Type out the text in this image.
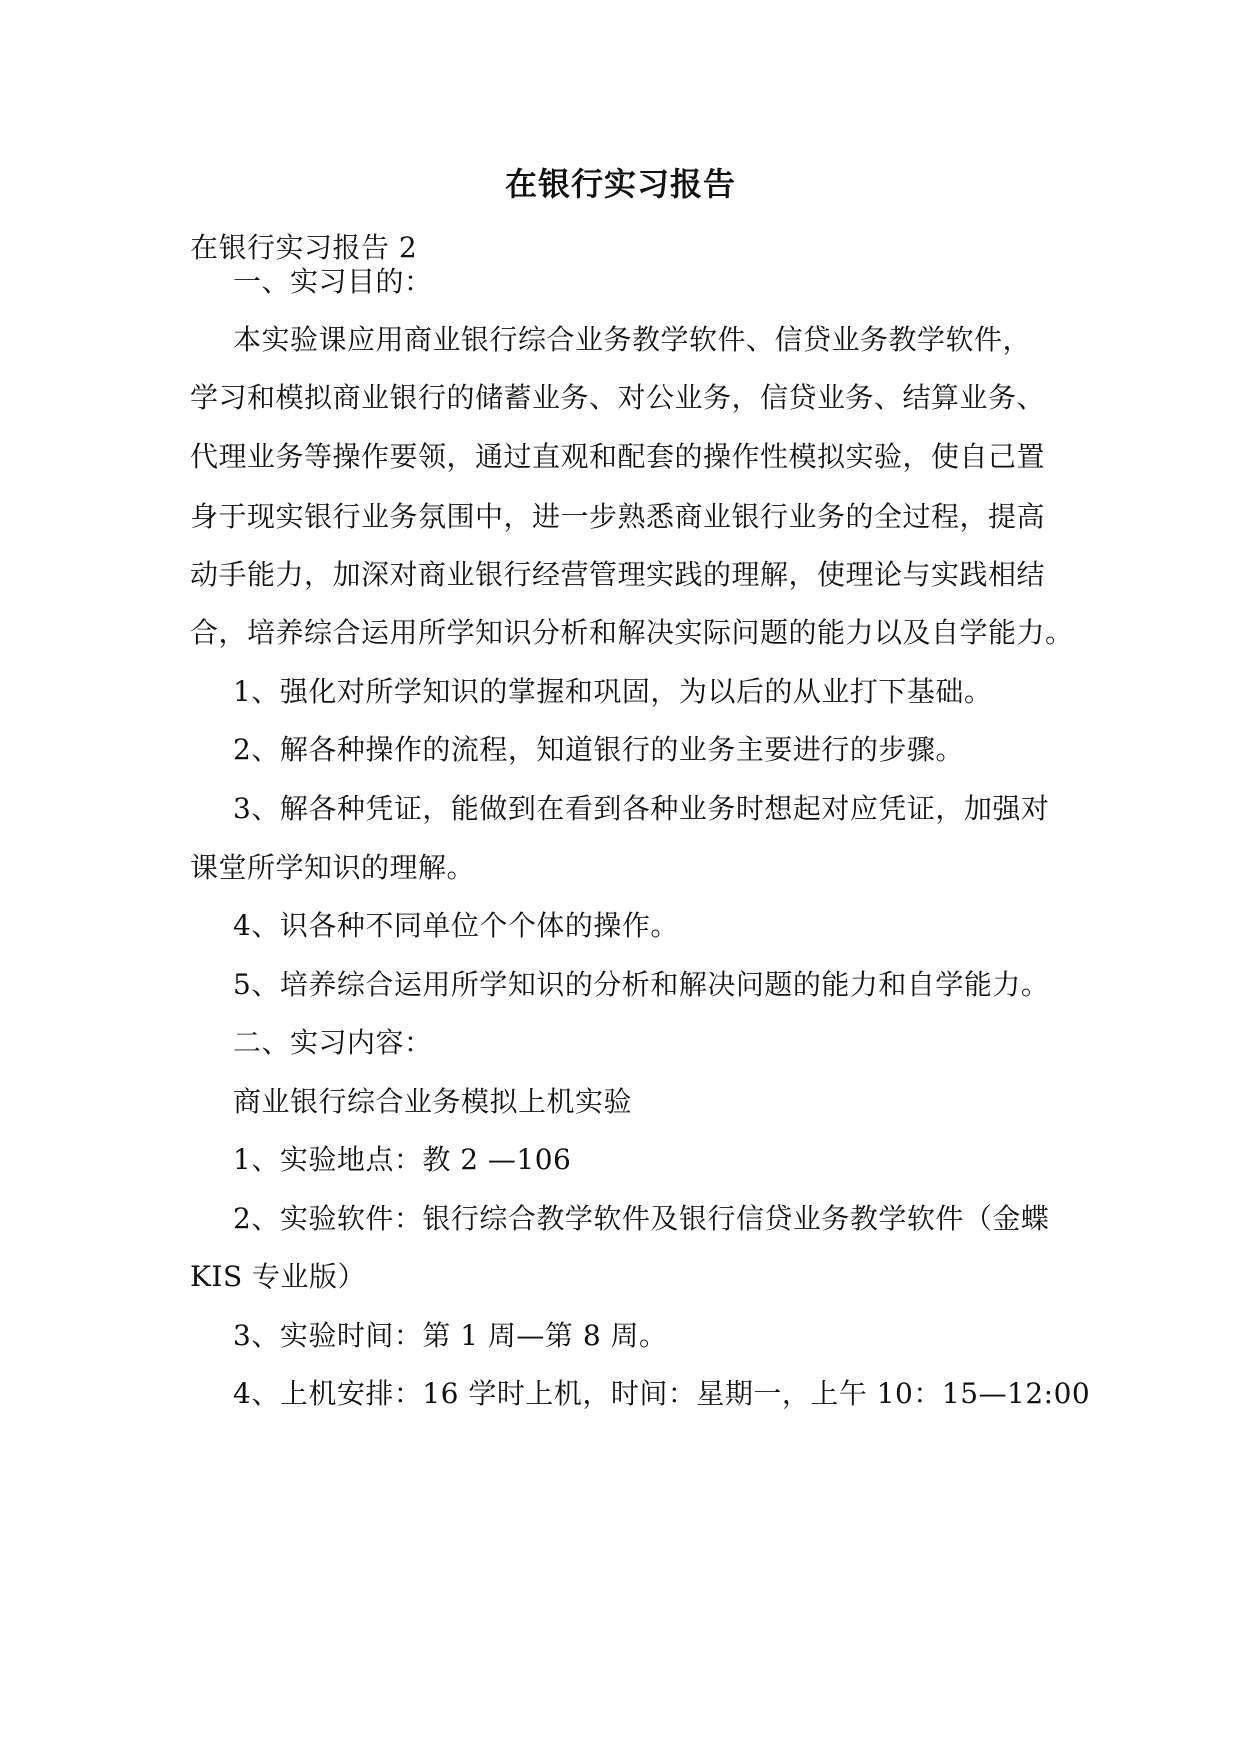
在银行实习报告
在银行实习报告 2
一、实习目的：
本实验课应用商业银行综合业务教学软件、信贷业务教学软件，
学习和模拟商业银行的储蓄业务、对公业务，信贷业务、结算业务、
代理业务等操作要领，通过直观和配套的操作性模拟实验，使自己置
身于现实银行业务氛围中，进一步熟悉商业银行业务的全过程，提高
动手能力，加深对商业银行经营管理实践的理解，使理论与实践相结
合，培养综合运用所学知识分析和解决实际问题的能力以及自学能力。
1、强化对所学知识的掌握和巩固，为以后的从业打下基础。
2、解各种操作的流程，知道银行的业务主要进行的步骤。
3、解各种凭证，能做到在看到各种业务时想起对应凭证，加强对
课堂所学知识的理解。
4、识各种不同单位个个体的操作。
5、培养综合运用所学知识的分析和解决问题的能力和自学能力。
二、实习内容：
商业银行综合业务模拟上机实验
1、实验地点：教 2 —106
2、实验软件：银行综合教学软件及银行信贷业务教学软件（金蝶
KIS 专业版）
3、实验时间：第 1 周—第 8 周。
4、上机安排：16 学时上机，时间：星期一，上午 10：15—12:00
